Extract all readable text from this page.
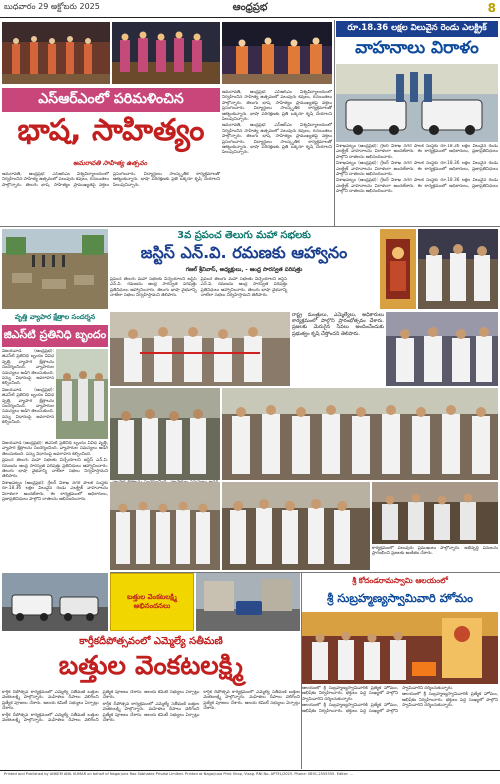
బుధవారం 29 అక్టోబరు 2025	ఆంధ్రప్రభ	8
ఎస్‌ఆర్‌ఎంలో పరిమళించిన
భాష, సాహిత్యం
అమరావతి సాహిత్య ఉత్సవం

అమరావతి, ఆంధ్రప్రభ: ఎస్‌ఆర్‌ఎం విశ్వవిద్యాలయంలో నిర్వహించిన సాహిత్య ఉత్సవంలో పలువురు కవులు, రచయితలు పాల్గొన్నారు. తెలుగు భాష, సాహిత్యం ప్రాముఖ్యతపై వక్తలు ప్రసంగించారు. విద్యార్థులు సాంస్కృతిక కార్యక్రమాలతో ఆకట్టుకున్నారు. భాషా పరిరక్షణకు ప్రతి ఒక్కరూ కృషి చేయాలని పిలుపునిచ్చారు.

అమరావతి, ఆంధ్రప్రభ: ఎస్‌ఆర్‌ఎం విశ్వవిద్యాలయంలో నిర్వహించిన సాహిత్య ఉత్సవంలో పలువురు కవులు, రచయితలు పాల్గొన్నారు. తెలుగు భాష, సాహిత్యం ప్రాముఖ్యతపై వక్తలు ప్రసంగించారు. విద్యార్థులు సాంస్కృతిక కార్యక్రమాలతో ఆకట్టుకున్నారు. భాషా పరిరక్షణకు ప్రతి ఒక్కరూ కృషి చేయాలని పిలుపునిచ్చారు.

అమరావతి, ఆంధ్రప్రభ: ఎస్‌ఆర్‌ఎం విశ్వవిద్యాలయంలో నిర్వహించిన సాహిత్య ఉత్సవంలో పలువురు కవులు, రచయితలు పాల్గొన్నారు. తెలుగు భాష, సాహిత్యం ప్రాముఖ్యతపై వక్తలు ప్రసంగించారు. విద్యార్థులు సాంస్కృతిక కార్యక్రమాలతో ఆకట్టుకున్నారు. భాషా పరిరక్షణకు ప్రతి ఒక్కరూ కృషి చేయాలని పిలుపునిచ్చారు.

రూ.18.36 లక్షల విలువైన రెండు ఎలక్ట్రిక్
వాహనాలు విరాళం

విశాఖపట్నం (ఆంధ్రప్రభ): గ్రేటర్ విశాఖ నగర పాలక సంస్థకు రూ.18.36 లక్షల విలువైన రెండు ఎలక్ట్రిక్ వాహనాలను విరాళంగా అందజేశారు. ఈ కార్యక్రమంలో అధికారులు, ప్రజాప్రతినిధులు పాల్గొని దాతలను అభినందించారు.

విశాఖపట్నం (ఆంధ్రప్రభ): గ్రేటర్ విశాఖ నగర పాలక సంస్థకు రూ.18.36 లక్షల విలువైన రెండు ఎలక్ట్రిక్ వాహనాలను విరాళంగా అందజేశారు. ఈ కార్యక్రమంలో అధికారులు, ప్రజాప్రతినిధులు పాల్గొని దాతలను అభినందించారు.

విశాఖపట్నం (ఆంధ్రప్రభ): గ్రేటర్ విశాఖ నగర పాలక సంస్థకు రూ.18.36 లక్షల విలువైన రెండు ఎలక్ట్రిక్ వాహనాలను విరాళంగా అందజేశారు. ఈ కార్యక్రమంలో అధికారులు, ప్రజాప్రతినిధులు పాల్గొని దాతలను అభినందించారు.

3వ ప్రపంచ తెలుగు మహా సభలకు
జస్టిస్ ఎన్.వి. రమణకు ఆహ్వానం
గజల్ శ్రీనివాస్, అధ్యక్షులు, - ఆంధ్ర సారస్వత పరిషత్తు

ప్రపంచ తెలుగు మహా సభలకు విచ్చేయాలని జస్టిస్ ఎన్.వి. రమణను ఆంధ్ర సారస్వత పరిషత్తు ప్రతినిధులు ఆహ్వానించారు. తెలుగు భాషా వైభవాన్ని చాటేలా సభలు నిర్వహిస్తామని తెలిపారు.

ప్రపంచ తెలుగు మహా సభలకు విచ్చేయాలని జస్టిస్ ఎన్.వి. రమణను ఆంధ్ర సారస్వత పరిషత్తు ప్రతినిధులు ఆహ్వానించారు. తెలుగు భాషా వైభవాన్ని చాటేలా సభలు నిర్వహిస్తామని తెలిపారు.

వృత్తి వ్యాపార క్షేత్రాల సందర్శన
జిఎస్‌టి ప్రతినిధి బృందం

విజయవాడ (ఆంధ్రప్రభ): జిఎస్‌టి ప్రతినిధి బృందం వివిధ వృత్తి, వ్యాపార క్షేత్రాలను సందర్శించింది. వ్యాపారుల సమస్యలు అడిగి తెలుసుకుంది. పన్ను విధానంపై అవగాహన కల్పించింది.

విజయవాడ (ఆంధ్రప్రభ): జిఎస్‌టి ప్రతినిధి బృందం వివిధ వృత్తి, వ్యాపార క్షేత్రాలను సందర్శించింది. వ్యాపారుల సమస్యలు అడిగి తెలుసుకుంది. పన్ను విధానంపై అవగాహన కల్పించింది.

విజయవాడ (ఆంధ్రప్రభ): జిఎస్‌టి ప్రతినిధి బృందం వివిధ వృత్తి, వ్యాపార క్షేత్రాలను సందర్శించింది. వ్యాపారుల సమస్యలు అడిగి తెలుసుకుంది. పన్ను విధానంపై అవగాహన కల్పించింది.

ప్రపంచ తెలుగు మహా సభలకు విచ్చేయాలని జస్టిస్ ఎన్.వి. రమణను ఆంధ్ర సారస్వత పరిషత్తు ప్రతినిధులు ఆహ్వానించారు. తెలుగు భాషా వైభవాన్ని చాటేలా సభలు నిర్వహిస్తామని తెలిపారు.

విశాఖపట్నం (ఆంధ్రప్రభ): గ్రేటర్ విశాఖ నగర పాలక సంస్థకు రూ.18.36 లక్షల విలువైన రెండు ఎలక్ట్రిక్ వాహనాలను విరాళంగా అందజేశారు. ఈ కార్యక్రమంలో అధికారులు, ప్రజాప్రతినిధులు పాల్గొని దాతలను అభినందించారు.

రాష్ట్ర మంత్రులు, ఎమ్మెల్యేలు, అధికారులు కార్యక్రమంలో పాల్గొని ప్రారంభోత్సవం చేశారు. ప్రజలకు మెరుగైన సేవలు అందించేందుకు ప్రభుత్వం కృషి చేస్తోందని తెలిపారు.

కార్యక్రమంలో పలువురు ప్రముఖులు పాల్గొన్నారు. అభివృద్ధి పనులను ప్రారంభించి ప్రజలకు అంకితం చేశారు.

బత్తుల వెంకటలక్ష్మి అభినందనలు
శ్రీ కోదండరామస్వామి ఆలయంలో
శ్రీ సుబ్రహ్మణ్యస్వామివారి హోమం

ఆలయంలో శ్రీ సుబ్రహ్మణ్యస్వామివారికి ప్రత్యేక హోమం, అభిషేకం నిర్వహించారు. భక్తులు పెద్ద సంఖ్యలో పాల్గొని స్వామివారిని దర్శించుకున్నారు.

ఆలయంలో శ్రీ సుబ్రహ్మణ్యస్వామివారికి ప్రత్యేక హోమం, అభిషేకం నిర్వహించారు. భక్తులు పెద్ద సంఖ్యలో పాల్గొని స్వామివారిని దర్శించుకున్నారు.

ఆలయంలో శ్రీ సుబ్రహ్మణ్యస్వామివారికి ప్రత్యేక హోమం, అభిషేకం నిర్వహించారు. భక్తులు పెద్ద సంఖ్యలో పాల్గొని స్వామివారిని దర్శించుకున్నారు.

కార్తీకదీపోత్సవంలో ఎమ్మెల్యే సతీమణి
బత్తుల వెంకటలక్ష్మి

కార్తీక దీపోత్సవ కార్యక్రమంలో ఎమ్మెల్యే సతీమణి బత్తుల వెంకటలక్ష్మి పాల్గొన్నారు. మహిళలు దీపాలు వెలిగించి ప్రత్యేక పూజలు చేశారు. ఆలయ కమిటీ సభ్యులు ఏర్పాట్లు చేశారు.

కార్తీక దీపోత్సవ కార్యక్రమంలో ఎమ్మెల్యే సతీమణి బత్తుల వెంకటలక్ష్మి పాల్గొన్నారు. మహిళలు దీపాలు వెలిగించి ప్రత్యేక పూజలు చేశారు. ఆలయ కమిటీ సభ్యులు ఏర్పాట్లు చేశారు.

కార్తీక దీపోత్సవ కార్యక్రమంలో ఎమ్మెల్యే సతీమణి బత్తుల వెంకటలక్ష్మి పాల్గొన్నారు. మహిళలు దీపాలు వెలిగించి ప్రత్యేక పూజలు చేశారు. ఆలయ కమిటీ సభ్యులు ఏర్పాట్లు చేశారు.

కార్తీక దీపోత్సవ కార్యక్రమంలో ఎమ్మెల్యే సతీమణి బత్తుల వెంకటలక్ష్మి పాల్గొన్నారు. మహిళలు దీపాలు వెలిగించి ప్రత్యేక పూజలు చేశారు. ఆలయ కమిటీ సభ్యులు ఏర్పాట్లు చేశారు.

Printed and Published by ANKEM ANIL KUMAR on behalf of Nagarjuna Rao Sobhatex Private Limited. Printed at Nagarjuna Print Shop, Vizag. RNI No. APTEL/2025. Phone: 0891-2555555. Editor: ...
